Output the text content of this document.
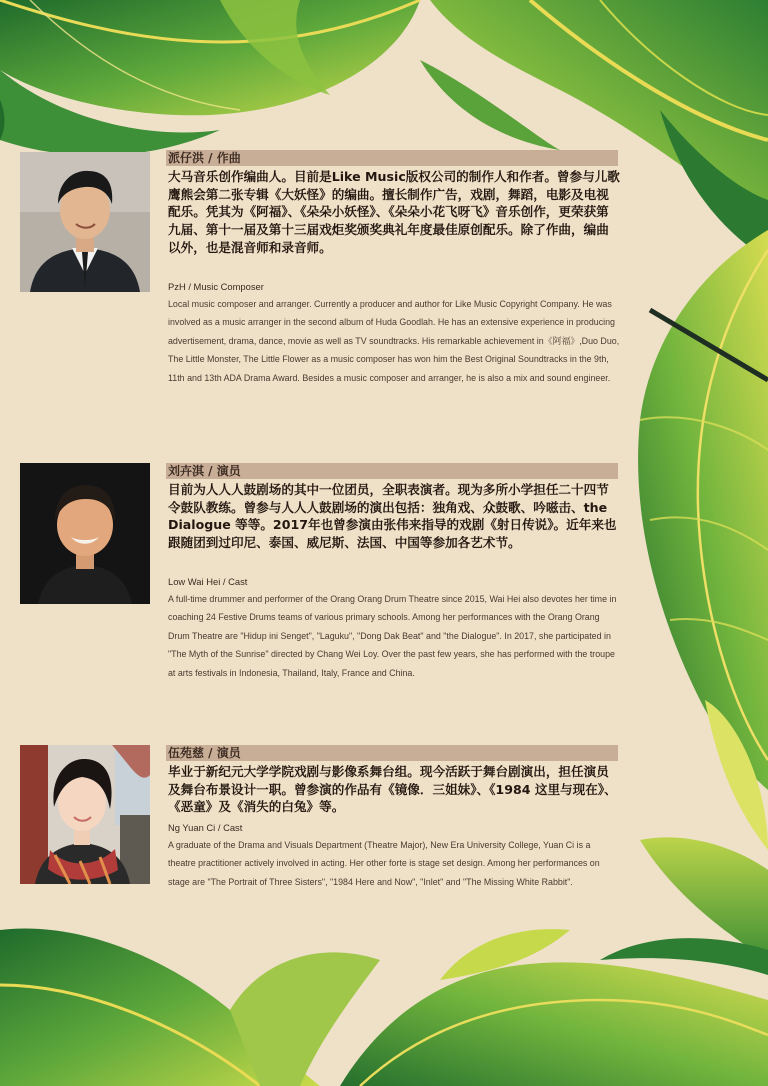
派仔洪 / 作曲

大马音乐创作编曲人。目前是Like Music版权公司的制作人和作者。曾参与儿歌鹰熊会第二张专辑《大妖怪》的编曲。擅长制作广告，戏剧，舞蹈，电影及电视配乐。凭其为《阿福》、《朵朵小妖怪》、《朵朵小花飞呀飞》音乐创作，更荣获第九届、第十一届及第十三届戏炬奖颁奖典礼年度最佳原创配乐。除了作曲，编曲以外，也是混音师和录音师。

PzH / Music Composer

Local music composer and arranger. Currently a producer and author for Like Music Copyright Company. He was involved as a music arranger in the second album of Huda Goodlah. He has an extensive experience in producing advertisement, drama, dance, movie as well as TV soundtracks. His remarkable achievement in《阿福》,Duo Duo, The Little Monster, The Little Flower as a music composer has won him the Best Original Soundtracks in the 9th, 11th and 13th ADA Drama Award. Besides a music composer and arranger, he is also a mix and sound engineer.

刘卉淇 / 演员

目前为人人人鼓剧场的其中一位团员，全职表演者。现为多所小学担任二十四节令鼓队教练。曾参与人人人鼓剧场的演出包括：独角戏、众鼓歌、吟嗞击、the Dialogue 等等。2017年也曾参演由张伟来指导的戏剧《射日传说》。近年来也跟随团到过印尼、泰国、威尼斯、法国、中国等参加各艺术节。

Low Wai Hei / Cast

A full-time drummer and performer of the Orang Orang Drum Theatre since 2015, Wai Hei also devotes her time in coaching 24 Festive Drums teams of various primary schools. Among her performances with the Orang Orang Drum Theatre are "Hidup ini Senget", "Laguku", "Dong Dak Beat" and "the Dialogue". In 2017, she participated in "The Myth of the Sunrise" directed by Chang Wei Loy. Over the past few years, she has performed with the troupe at arts festivals in Indonesia, Thailand, Italy, France and China.

伍苑慈 / 演员

毕业于新纪元大学学院戏剧与影像系舞台组。现今活跃于舞台剧演出，担任演员及舞台布景设计一职。曾参演的作品有《镜像．三姐妹》、《1984 这里与现在》、《恶童》及《消失的白兔》等。

Ng Yuan Ci / Cast

A graduate of the Drama and Visuals Department (Theatre Major), New Era University College, Yuan Ci is a theatre practitioner actively involved in acting. Her other forte is stage set design. Among her performances on stage are "The Portrait of Three Sisters", "1984 Here and Now", "Inlet" and "The Missing White Rabbit".
